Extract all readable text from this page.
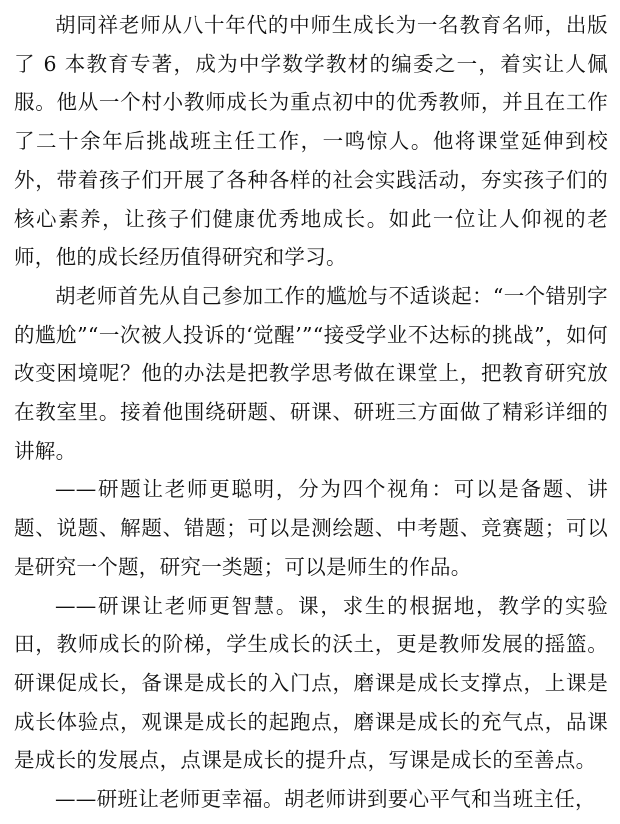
胡同祥老师从八十年代的中师生成长为一名教育名师，出版了 6 本教育专著，成为中学数学教材的编委之一，着实让人佩服。他从一个村小教师成长为重点初中的优秀教师，并且在工作了二十余年后挑战班主任工作，一鸣惊人。他将课堂延伸到校外，带着孩子们开展了各种各样的社会实践活动，夯实孩子们的核心素养，让孩子们健康优秀地成长。如此一位让人仰视的老师，他的成长经历值得研究和学习。

胡老师首先从自己参加工作的尴尬与不适谈起：“一个错别字的尴尬”“一次被人投诉的‘觉醒’”“接受学业不达标的挑战”，如何改变困境呢？他的办法是把教学思考做在课堂上，把教育研究放在教室里。接着他围绕研题、研课、研班三方面做了精彩详细的讲解。

——研题让老师更聪明，分为四个视角：可以是备题、讲题、说题、解题、错题；可以是测绘题、中考题、竞赛题；可以是研究一个题，研究一类题；可以是师生的作品。

——研课让老师更智慧。课，求生的根据地，教学的实验田，教师成长的阶梯，学生成长的沃土，更是教师发展的摇篮。研课促成长，备课是成长的入门点，磨课是成长支撑点，上课是成长体验点，观课是成长的起跑点，磨课是成长的充气点，品课是成长的发展点，点课是成长的提升点，写课是成长的至善点。

——研班让老师更幸福。胡老师讲到要心平气和当班主任，
